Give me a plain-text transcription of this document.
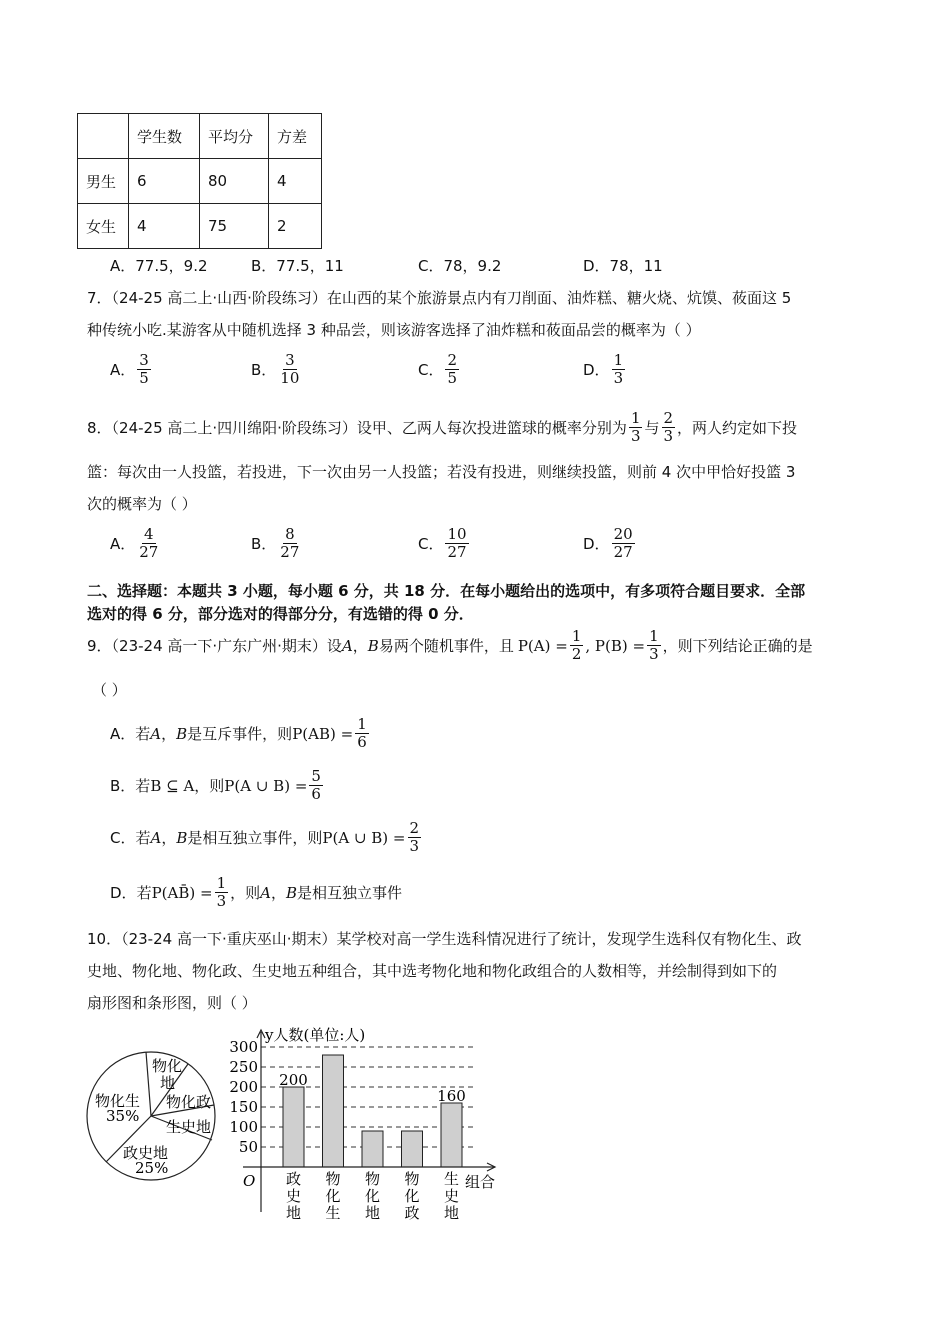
	学生数	平均分	方差
男生	6	80	4
女生	4	75	2
A．77.5，9.2	B．77.5，11	C．78，9.2	D．78，11
7．（24-25 高二上·山西·阶段练习）在山西的某个旅游景点内有刀削面、油炸糕、糖火烧、炕馍、莜面这 5
种传统小吃.某游客从中随机选择 3 种品尝，则该游客选择了油炸糕和莜面品尝的概率为（ ）
A． $\frac{3}{5}$	B． $\frac{3}{10}$	C． $\frac{2}{5}$	D． $\frac{1}{3}$
8．（24-25 高二上·四川绵阳·阶段练习）设甲、乙两人每次投进篮球的概率分别为 $\frac{1}{3}$ 与 $\frac{2}{3}$ ，两人约定如下投
篮：每次由一人投篮，若投进，下一次由另一人投篮；若没有投进，则继续投篮，则前 4 次中甲恰好投篮 3
次的概率为（ ）
A． $\frac{4}{27}$	B． $\frac{8}{27}$	C． $\frac{10}{27}$	D． $\frac{20}{27}$
二、选择题：本题共 3 小题，每小题 6 分，共 18 分．在每小题给出的选项中，有多项符合题目要求．全部
选对的得 6 分，部分选对的得部分分，有选错的得 0 分．
9．（23-24 高一下·广东广州·期末）设 A ， B 易两个随机事件，且 $P(A) = \frac{1}{2}$ , $P(B) = \frac{1}{3}$ ，则下列结论正确的是
（ ）
A． 若 A ， B 是互斥事件，则 $P(AB) = \frac{1}{6}$
B． 若 B ⊆ A ，则 P(A ∪ $B) = \frac{5}{6}$
C． 若 A ， B 是相互独立事件，则 P(A ∪ $B) = \frac{2}{3}$
D． 若 P(AB̄) = $\frac{1}{3}$ ，则 A ， B 是相互独立事件
10．（23-24 高一下·重庆巫山·期末）某学校对高一学生选科情况进行了统计，发现学生选科仅有物化生、政
史地、物化地、物化政、生史地五种组合，其中选考物化地和物化政组合的人数相等，并绘制得到如下的
扇形图和条形图，则（ ）
物化
地
物化政
生史地
政史地
25%
物化生
35%
y人数(单位:人)
O	组合
50
100
150
200
250
300
政
史
地
物
化
生
物
化
地
物
化
政
生
史
地
200
160
